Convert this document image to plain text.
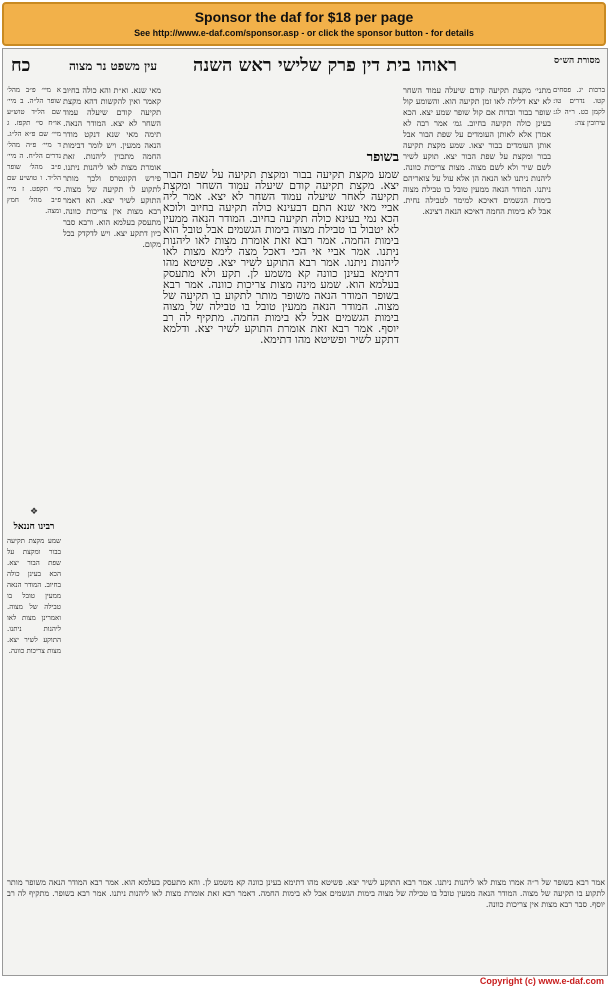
Sponsor the daf for $18 per page
See http://www.e-daf.com/sponsor.asp - or click the sponsor button - for details
מסורת הש״ס
ראוהו בית דין פרק שלישי ראש השנה
עין משפט נר מצוה
כח

ברכות יג. פסחים קטו. נדרים טו: לקמן כט. ר״ה לג: עירובין צה:

מתני׳ מקצת תקיעה קודם שיעלה עמוד השחר לא יצא דלילה לאו זמן תקיעה הוא. והשומע קול שופר בבור ובדות אם קול שופר שמע יצא. הכא בעינן כולה תקיעה בחיוב. גמ׳ אמר רבה לא אמרן אלא לאותן העומדים על שפת הבור אבל אותן העומדים בבור יצאו. שמע מקצת תקיעה בבור ומקצת על שפת הבור יצא. תוקע לשיר לשם שיר ולא לשם מצוה. מצות צריכות כוונה. ליהנות ניתנו לאו הנאה הן אלא עול על צואריהם ניתנו. המודר הנאה ממעין טובל בו טבילת מצוה בימות הגשמים דאיכא למימר לטבילה נחית. אבל לא בימות החמה דאיכא הנאה דצינא.

בשופר

שמע מקצת תקיעה בבור ומקצת תקיעה על שפת הבור יצא. מקצת תקיעה קודם שיעלה עמוד השחר ומקצת תקיעה לאחר שיעלה עמוד השחר לא יצא. אמר ליה אביי מאי שנא התם דבעינא כולה תקיעה בחיוב ולוכא הכא נמי בעינא כולה תקיעה בחיוב. המודר הנאה ממעין לא יטבול בו טבילת מצוה בימות הגשמים אבל טובל הוא בימות החמה. אמר רבא זאת אומרת מצות לאו ליהנות ניתנו. אמר אביי אי הכי דאכל מצה לימא מצות לאו ליהנות ניתנו. אמר רבא התוקע לשיר יצא. פשיטא מהו דתימא בעינן כוונה קא משמע לן. תקע ולא מתעסק בעלמא הוא. שמע מינה מצות צריכות כוונה. אמר רבא בשופר המודר הנאה משופר מותר לתקוע בו תקיעה של מצוה. המודר הנאה ממעין טובל בו טבילה של מצוה בימות הגשמים אבל לא בימות החמה. מתקיף לה רב יוסף. אמר רבא זאת אומרת התוקע לשיר יצא. ודלמא דתקע לשיר ופשיטא מהו דתימא.

מאי שנא. וא״ת והא כולה בחיוב קאמר ואין להקשות דהא מקצת תקיעה קודם שיעלה עמוד השחר לא יצא. המודר הנאה. תימה מאי שנא דנקט מודר הנאה ממעין. ויש לומר דבימות החמה מתכוין ליהנות. זאת אומרת מצות לאו ליהנות ניתנו. פירש הקונטרס ולכך מותר לתקוע לו תקיעה של מצוה. התוקע לשיר יצא. הא דאמר רבא מצות אין צריכות כוונה. מתעסק בעלמא הוא. ורבא סבר כיון דתקע יצא. ויש לדקדק בכל מקום.

א מיי׳ פ״ב מהל׳ שופר הל״ה. ב מיי׳ שם הל״ד טוש״ע או״ח סי׳ תקפז. ג מיי׳ שם פ״א הל״ג. ד מיי׳ פ״ה מהל׳ נדרים הל״ח. ה מיי׳ פ״ב מהל׳ שופר הל״ד. ו טוש״ע שם סי׳ תקפט. ז מיי׳ פ״ב מהל׳ חמץ ומצה.

❖
רבינו חננאל

שמע מקצת תקיעה בבור ומקצת על שפת הבור יצא. הכא בעינן כולה בחיוב. המודר הנאה ממעין טובל בו טבילה של מצוה. ואמרינן מצות לאו ליהנות ניתנו. התוקע לשיר יצא. מצות צריכות כוונה.

אמר רבא בשופר של ר״ה אמרו מצות לאו ליהנות ניתנו. אמר רבא התוקע לשיר יצא. פשיטא מהו דתימא בעינן כוונה קא משמע לן. והא מתעסק בעלמא הוא. אמר רבא המודר הנאה משופר מותר לתקוע בו תקיעה של מצוה. המודר הנאה ממעין טובל בו טבילה של מצוה בימות הגשמים אבל לא בימות החמה. דאמר רבא זאת אומרת מצות לאו ליהנות ניתנו. אמר רבא בשופר. מתקיף לה רב יוסף. סבר רבא מצות אין צריכות כוונה.

Copyright (c) www.e-daf.com
